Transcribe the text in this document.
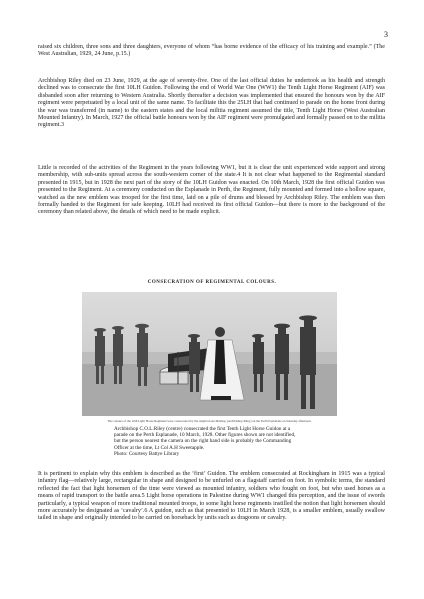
3

raised six children, three sons and three daughters, everyone of whom “has borne evidence of the efficacy of his training and example.” (The West Australian, 1929, 24 June, p.15.)

Archbishop Riley died on 23 June, 1929, at the age of seventy-five. One of the last official duties he undertook as his health and strength declined was to consecrate the first 10LH Guidon. Following the end of World War One (WW1) the Tenth Light Horse Regiment (AIF) was disbanded soon after returning to Western Australia. Shortly thereafter a decision was implemented that ensured the honours won by the AIF regiment were perpetuated by a local unit of the same name. To facilitate this the 25LH that had continued to parade on the home front during the war was transferred (in name) to the eastern states and the local militia regiment assumed the title, Tenth Light Horse (West Australian Mounted Infantry). In March, 1927 the official battle honours won by the AIF regiment were promulgated and formally passed on to the militia regiment.3

Little is recorded of the activities of the Regiment in the years following WW1, but it is clear the unit experienced wide support and strong membership, with sub-units spread across the south-western corner of the state.4 It is not clear what happened to the Regimental standard presented in 1915, but in 1928 the next part of the story of the 10LH Guidon was enacted. On 10th March, 1928 the first official Guidon was presented to the Regiment. At a ceremony conducted on the Esplanade in Perth, the Regiment, fully mounted and formed into a hollow square, watched as the new emblem was trooped for the first time, laid on a pile of drums and blessed by Archbishop Riley. The emblem was then formally handed to the Regiment for safe keeping. 10LH had received its first official Guidon—but there is more to the background of the ceremony than related above, the details of which need to be made explicit.

CONSECRATION OF REGIMENTAL COLOURS.
The colours of the 10th Light Horse Regiment were consecrated by the Anglican Archbishop (Archbishop Riley) on the Perth Esplanade on Saturday afternoon.

Archbishop C.O.L.Riley (centre) consecrated the first Tenth Light Horse Guidon at a
parade on the Perth Esplanade, 10 March, 1928. Other figures shown are not identified,
but the person nearest the camera on the right hand side is probably the Commanding
Officer at the time, Lt Col A.H Sweetapple.
Photo: Courtesy Battye Library

It is pertinent to explain why this emblem is described as the ‘first’ Guidon. The emblem consecrated at Rockingham in 1915 was a typical infantry flag—relatively large, rectangular in shape and designed to be unfurled on a flagstaff carried on foot. In symbolic terms, the standard reflected the fact that light horsemen of the time were viewed as mounted infantry, soldiers who fought on foot, but who used horses as a means of rapid transport to the battle area.5 Light horse operations in Palestine during WW1 changed this perception, and the issue of swords particularly, a typical weapon of more traditional mounted troops, to some light horse regiments instilled the notion that light horsemen should more accurately be designated as ‘cavalry’.6 A guidon, such as that presented to 10LH in March 1928, is a smaller emblem, usually swallow tailed in shape and originally intended to be carried on horseback by units such as dragoons or cavalry.
